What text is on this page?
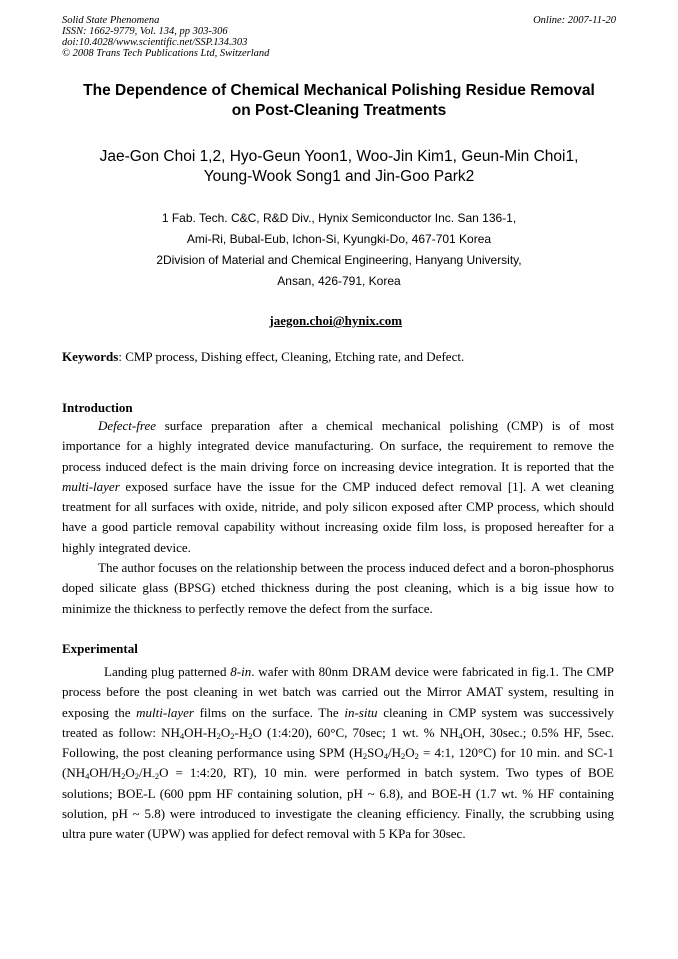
Solid State Phenomena
ISSN: 1662-9779, Vol. 134, pp 303-306
doi:10.4028/www.scientific.net/SSP.134.303
© 2008 Trans Tech Publications Ltd, Switzerland
Online: 2007-11-20
The Dependence of Chemical Mechanical Polishing Residue Removal
on Post-Cleaning Treatments
Jae-Gon Choi 1,2, Hyo-Geun Yoon1, Woo-Jin Kim1, Geun-Min Choi1,
Young-Wook Song1 and Jin-Goo Park2
1 Fab. Tech. C&C, R&D Div., Hynix Semiconductor Inc. San 136-1,
Ami-Ri, Bubal-Eub, Ichon-Si, Kyungki-Do, 467-701 Korea
2Division of Material and Chemical Engineering, Hanyang University,
Ansan, 426-791, Korea
jaegon.choi@hynix.com
Keywords: CMP process, Dishing effect, Cleaning, Etching rate, and Defect.
Introduction

Defect-free surface preparation after a chemical mechanical polishing (CMP) is of most importance for a highly integrated device manufacturing. On surface, the requirement to remove the process induced defect is the main driving force on increasing device integration. It is reported that the multi-layer exposed surface have the issue for the CMP induced defect removal [1]. A wet cleaning treatment for all surfaces with oxide, nitride, and poly silicon exposed after CMP process, which should have a good particle removal capability without increasing oxide film loss, is proposed hereafter for a highly integrated device.

The author focuses on the relationship between the process induced defect and a boron-phosphorus doped silicate glass (BPSG) etched thickness during the post cleaning, which is a big issue how to minimize the thickness to perfectly remove the defect from the surface.

Experimental

Landing plug patterned 8-in. wafer with 80nm DRAM device were fabricated in fig.1. The CMP process before the post cleaning in wet batch was carried out the Mirror AMAT system, resulting in exposing the multi-layer films on the surface. The in-situ cleaning in CMP system was successively treated as follow: $NH_4OH-H_2O_2-H_2O$ (1:4:20), 60°C, 70sec; 1 wt. % $NH_4OH$, 30sec.; 0.5% HF, 5sec. Following, the post cleaning performance using SPM ($H_2SO_4/H_2O_2$ = 4:1, 120°C) for 10 min. and SC-1 ($NH_4OH/H_2O_2/H_{-2}O$ = 1:4:20, RT), 10 min. were performed in batch system. Two types of BOE solutions; BOE-L (600 ppm HF containing solution, pH ~ 6.8), and BOE-H (1.7 wt. % HF containing solution, pH ~ 5.8) were introduced to investigate the cleaning efficiency. Finally, the scrubbing using ultra pure water (UPW) was applied for defect removal with 5 KPa for 30sec.
